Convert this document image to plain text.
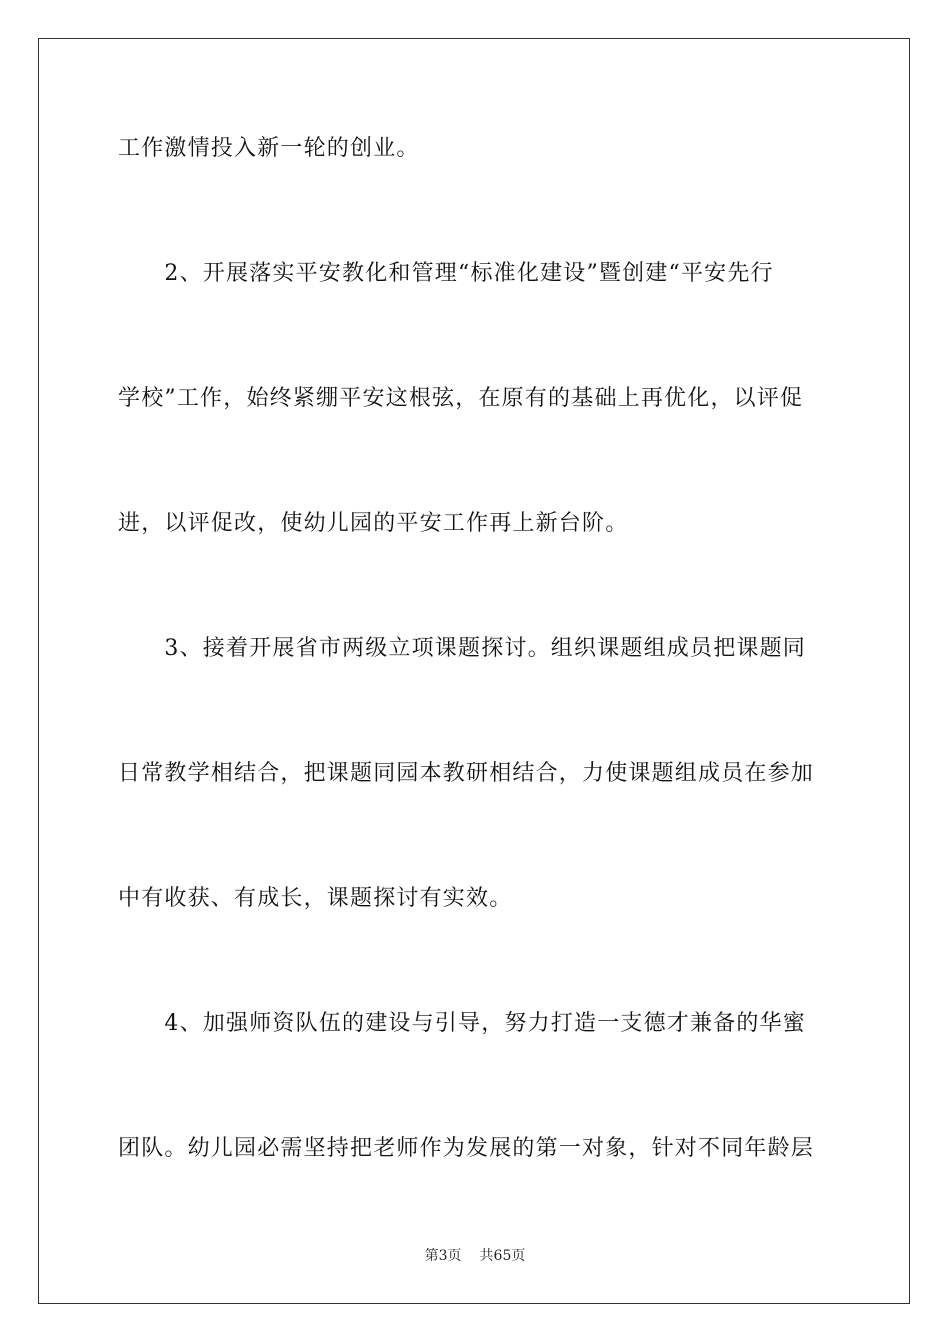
工作激情投入新一轮的创业。
　　2、开展落实平安教化和管理“标准化建设”暨创建“平安先行
学校”工作，始终紧绷平安这根弦，在原有的基础上再优化，以评促
进，以评促改，使幼儿园的平安工作再上新台阶。
　　3、接着开展省市两级立项课题探讨。组织课题组成员把课题同
日常教学相结合，把课题同园本教研相结合，力使课题组成员在参加
中有收获、有成长，课题探讨有实效。
　　4、加强师资队伍的建设与引导，努力打造一支德才兼备的华蜜
团队。幼儿园必需坚持把老师作为发展的第一对象，针对不同年龄层
第3页 共65页
